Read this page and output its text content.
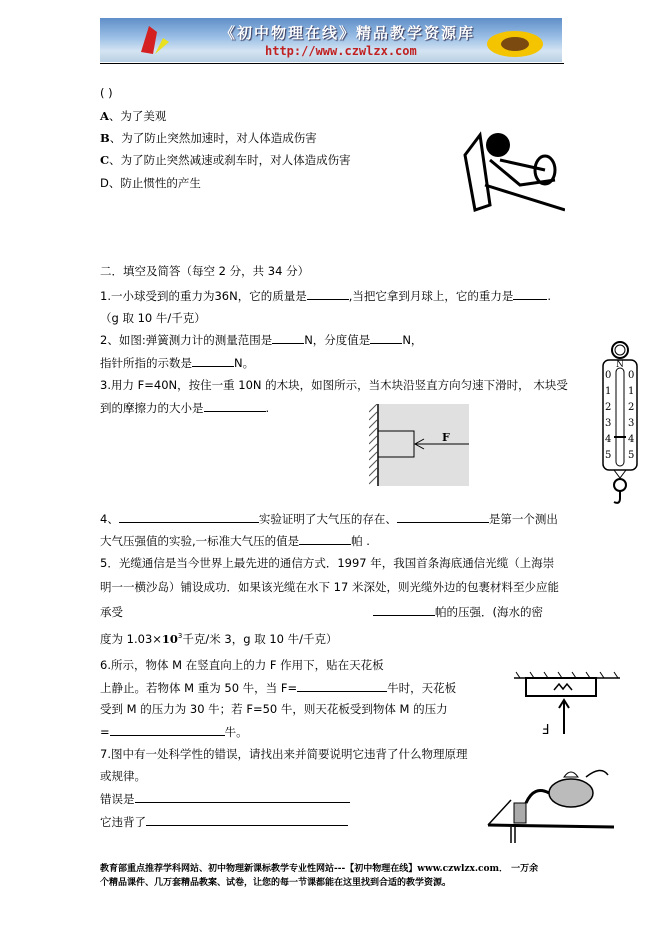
《初中物理在线》精品教学资源库
http://www.czwlzx.com
( )
A、为了美观
B、为了防止突然加速时，对人体造成伤害
C、为了防止突然减速或刹车时，对人体造成伤害
D、防止惯性的产生
二．填空及简答（每空 2 分，共 34 分）
1.一小球受到的重力为36N，它的质量是	,当把它拿到月球上，它的重力是	.
（g 取 10 牛/千克）
2、如图:弹簧测力计的测量范围是	N，分度值是	N，
指针所指的示数是	N。	N
0
1
2
3
4
5
0
1
2
3
4
5
3.用力 F=40N，按住一重 10N 的木块，如图所示，当木块沿竖直方向匀速下滑时， 木块受
到的摩擦力的大小是	.
F
4、	实验证明了大气压的存在、	是第一个测出
大气压强值的实验,一标准大气压的值是	帕 .
5．光缆通信是当今世界上最先进的通信方式．1997 年，我国首条海底通信光缆（上海崇
明一一横沙岛）铺设成功．如果该光缆在水下 17 米深处，则光缆外边的包裹材料至少应能
承受	帕的压强．(海水的密
度为 $1.03\times 10^3$千克/米 3，g 取 10 牛/千克）
6.所示，物体 M 在竖直向上的力 F 作用下，贴在天花板
上静止。若物体 M 重为 50 牛，当 F=	牛时，天花板
受到 M 的压力为 30 牛；若 F=50 牛，则天花板受到物体 M 的压力
=	牛。	F
7.图中有一处科学性的错误，请找出来并简要说明它违背了什么物理原理
或规律。
错误是
它违背了
教育部重点推荐学科网站、初中物理新课标教学专业性网站---【初中物理在线】www.czwlzx.com． 一万余
个精品课件、几万套精品教案、试卷，让您的每一节课都能在这里找到合适的教学资源。
